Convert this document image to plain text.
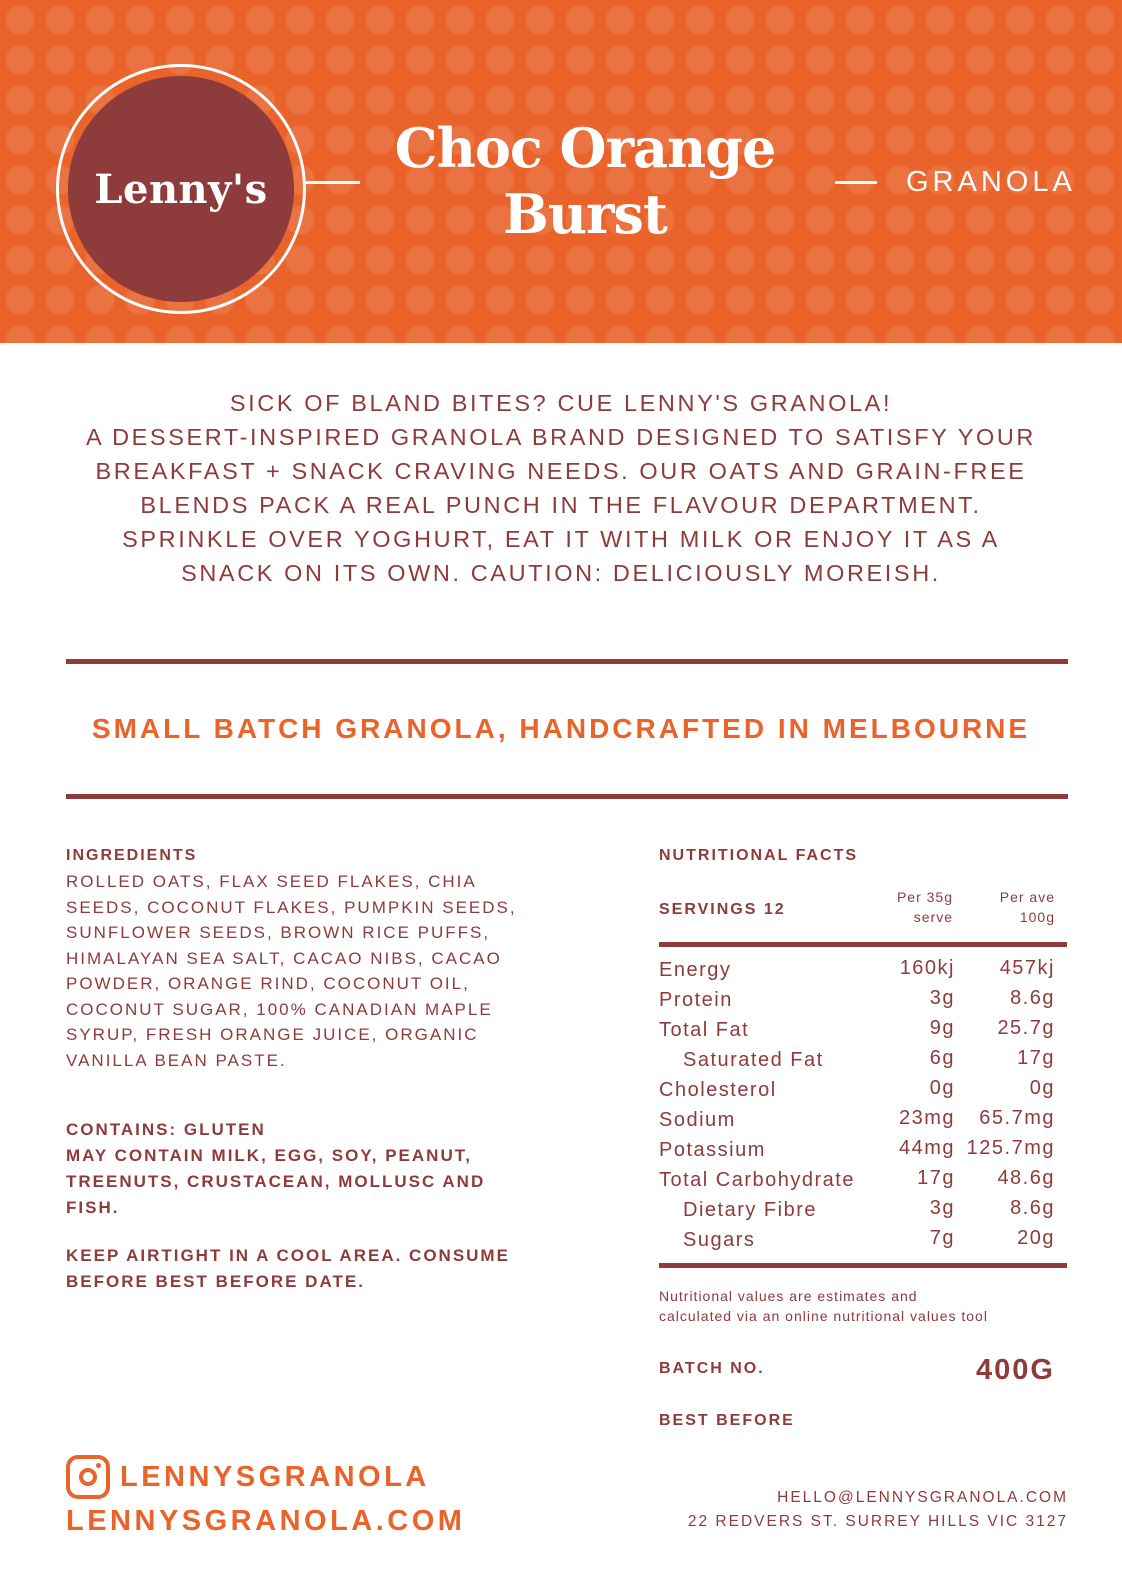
Lenny's
Choc Orange
Burst	GRANOLA
SICK OF BLAND BITES? CUE LENNY'S GRANOLA!
A DESSERT-INSPIRED GRANOLA BRAND DESIGNED TO SATISFY YOUR
BREAKFAST + SNACK CRAVING NEEDS. OUR OATS AND GRAIN-FREE
BLENDS PACK A REAL PUNCH IN THE FLAVOUR DEPARTMENT.
SPRINKLE OVER YOGHURT, EAT IT WITH MILK OR ENJOY IT AS A
SNACK ON ITS OWN. CAUTION: DELICIOUSLY MOREISH.
SMALL BATCH GRANOLA, HANDCRAFTED IN MELBOURNE
INGREDIENTS
ROLLED OATS, FLAX SEED FLAKES, CHIA
SEEDS, COCONUT FLAKES, PUMPKIN SEEDS,
SUNFLOWER SEEDS, BROWN RICE PUFFS,
HIMALAYAN SEA SALT, CACAO NIBS, CACAO
POWDER, ORANGE RIND, COCONUT OIL,
COCONUT SUGAR, 100% CANADIAN MAPLE
SYRUP, FRESH ORANGE JUICE, ORGANIC
VANILLA BEAN PASTE.
CONTAINS: GLUTEN
MAY CONTAIN MILK, EGG, SOY, PEANUT,
TREENUTS, CRUSTACEAN, MOLLUSC AND
FISH.
KEEP AIRTIGHT IN A COOL AREA. CONSUME
BEFORE BEST BEFORE DATE.
NUTRITIONAL FACTS
SERVINGS 12
Per 35g
serve
Per ave
100g
Energy	160kj 457kj
Protein	3g	8.6g
Total Fat	9g 25.7g
Saturated Fat	6g	17g
Cholesterol	0g	0g
Sodium	23mg 65.7mg
Potassium	44mg 125.7mg
Total Carbohydrate	17g 48.6g
Dietary Fibre	3g	8.6g
Sugars	7g	20g
Nutritional values are estimates and
calculated via an online nutritional values tool
BATCH NO.	400G
BEST BEFORE
LENNYSGRANOLA
LENNYSGRANOLA.COM
HELLO@LENNYSGRANOLA.COM
22 REDVERS ST. SURREY HILLS VIC 3127
